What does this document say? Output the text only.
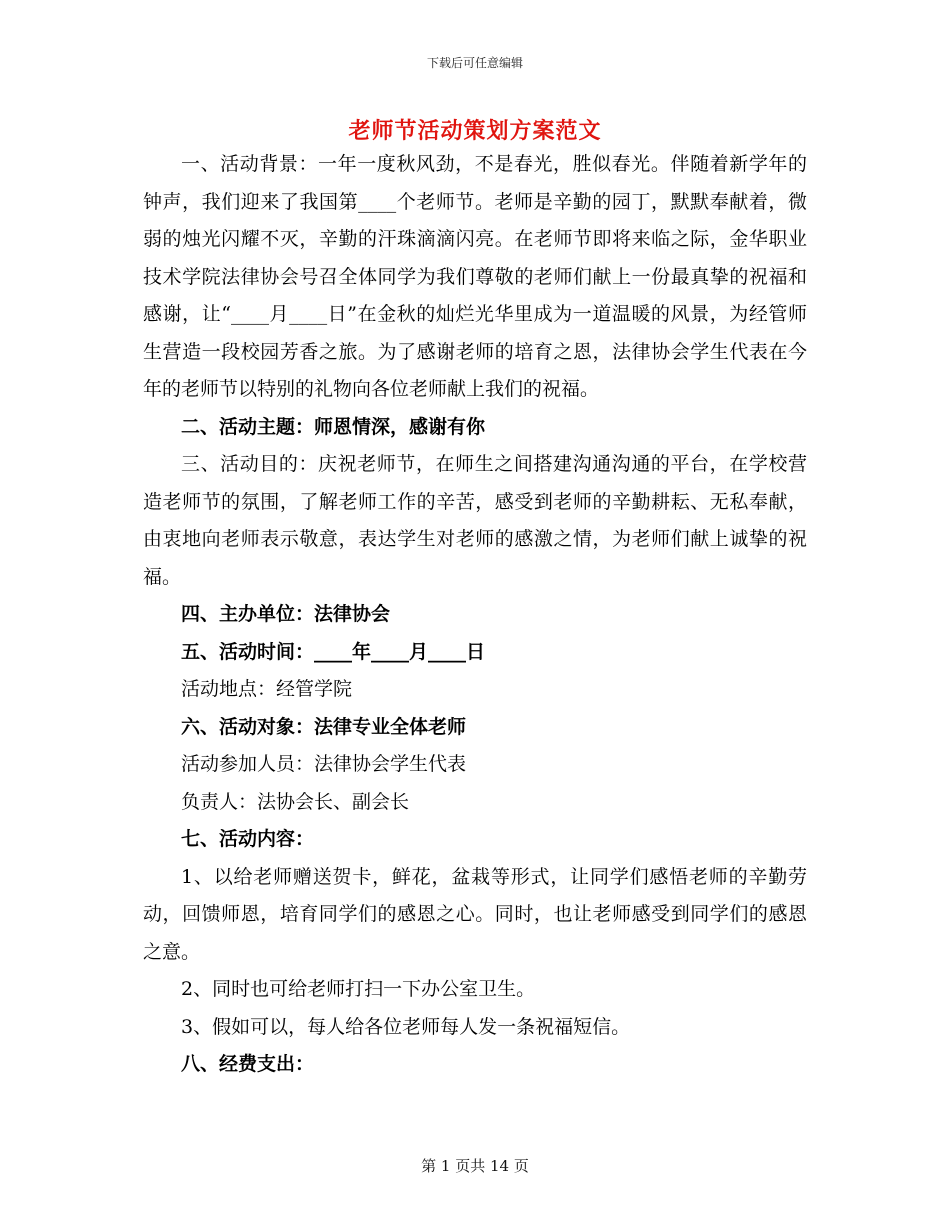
下载后可任意编辑
老师节活动策划方案范文

一、活动背景：一年一度秋风劲，不是春光，胜似春光。伴随着新学年的钟声，我们迎来了我国第____个老师节。老师是辛勤的园丁，默默奉献着，微弱的烛光闪耀不灭，辛勤的汗珠滴滴闪亮。在老师节即将来临之际，金华职业技术学院法律协会号召全体同学为我们尊敬的老师们献上一份最真挚的祝福和感谢，让“____月____日”在金秋的灿烂光华里成为一道温暖的风景，为经管师生营造一段校园芳香之旅。为了感谢老师的培育之恩，法律协会学生代表在今年的老师节以特别的礼物向各位老师献上我们的祝福。

二、活动主题：师恩情深，感谢有你

三、活动目的：庆祝老师节，在师生之间搭建沟通沟通的平台，在学校营造老师节的氛围，了解老师工作的辛苦，感受到老师的辛勤耕耘、无私奉献，由衷地向老师表示敬意，表达学生对老师的感激之情，为老师们献上诚挚的祝福。

四、主办单位：法律协会

五、活动时间：____年____月____日

活动地点：经管学院

六、活动对象：法律专业全体老师

活动参加人员：法律协会学生代表

负责人：法协会长、副会长

七、活动内容：

1、以给老师赠送贺卡，鲜花，盆栽等形式，让同学们感悟老师的辛勤劳动，回馈师恩，培育同学们的感恩之心。同时，也让老师感受到同学们的感恩之意。

2、同时也可给老师打扫一下办公室卫生。

3、假如可以，每人给各位老师每人发一条祝福短信。

八、经费支出：

第 1 页共 14 页
